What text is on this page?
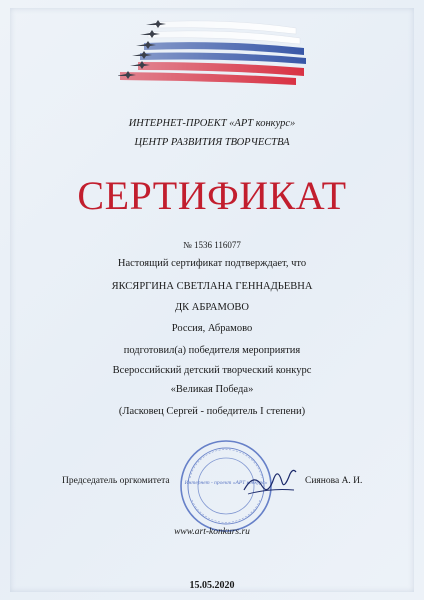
ИНТЕРНЕТ-ПРОЕКТ «АРТ конкурс»
ЦЕНТР РАЗВИТИЯ ТВОРЧЕСТВА
СЕРТИФИКАТ
№ 1536 116077
Настоящий сертификат подтверждает, что
ЯКСЯРГИНА СВЕТЛАНА ГЕННАДЬЕВНА
ДК АБРАМОВО
Россия, Абрамово
подготовил(а) победителя мероприятия
Всероссийский детский творческий конкурс
«Великая Победа»
(Ласковец Сергей - победитель I степени)
Интернет - проект «АРТ конкурс»
Председатель оргкомитета	Сиянова А. И.
www.art-konkurs.ru
15.05.2020
